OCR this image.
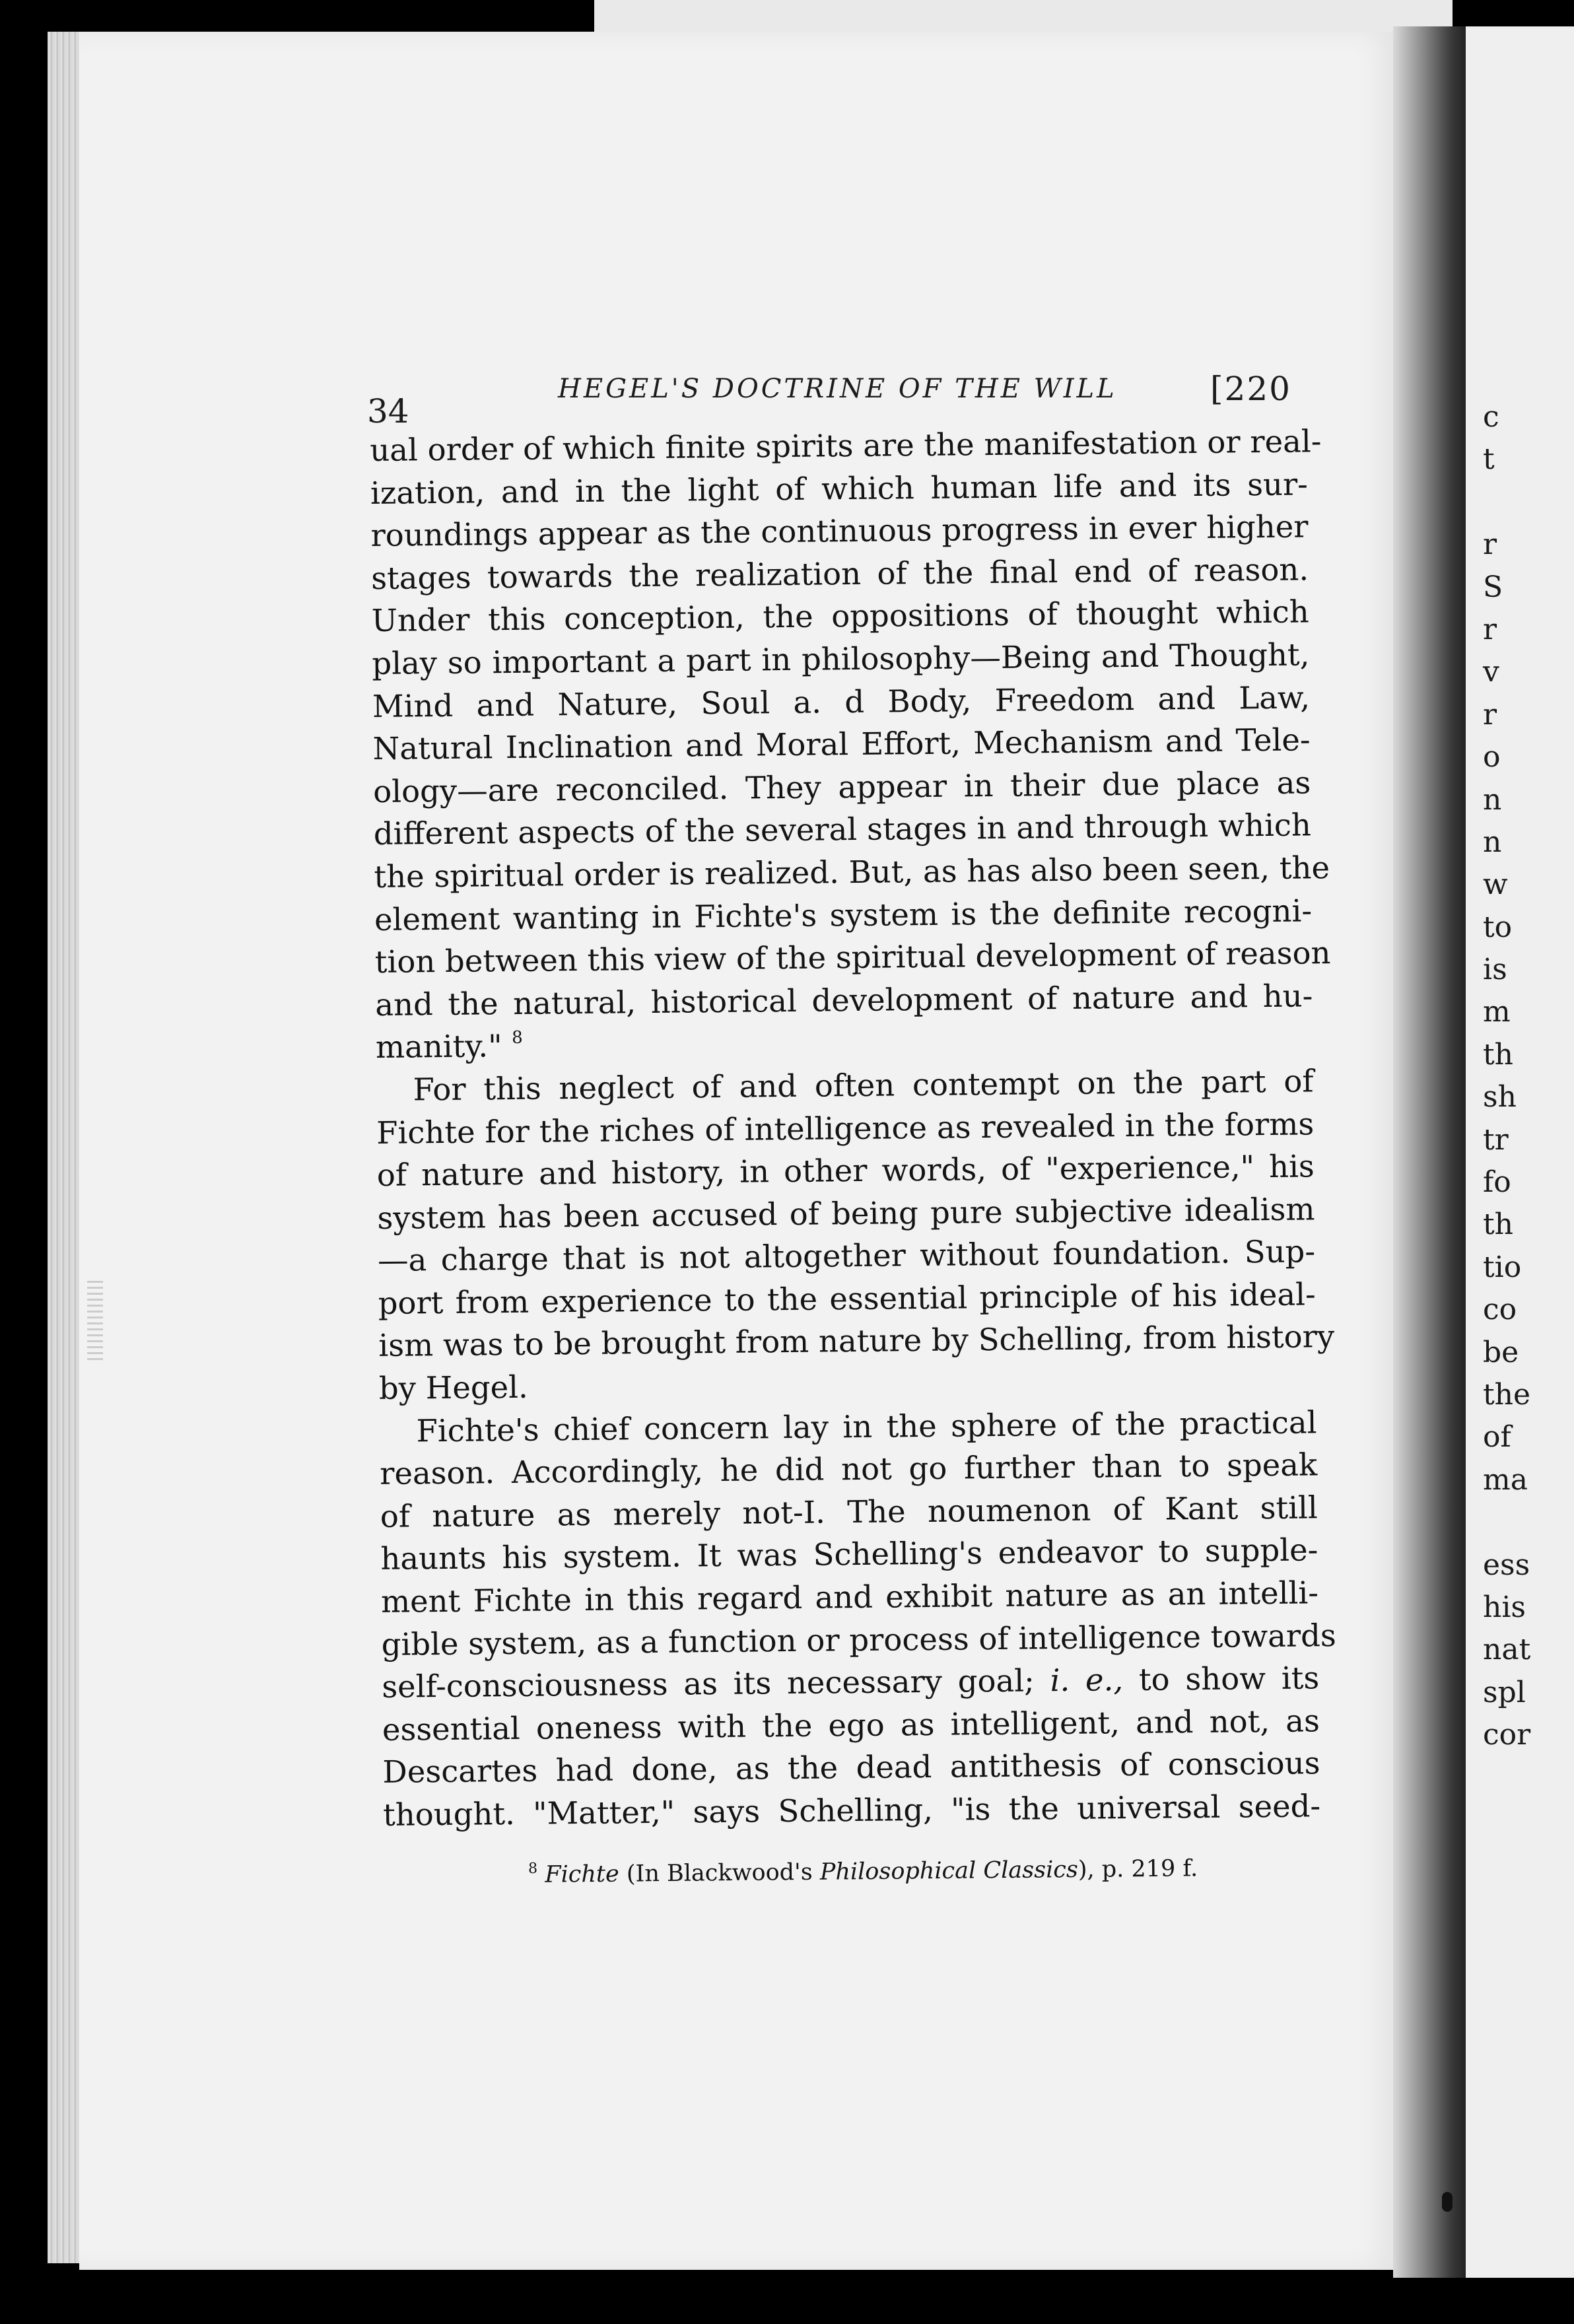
c
t
r
S
r
v
r
o
n
n
w
to
is
m
th
sh
tr
fo
th
tio
co
be
the
of
ma
ess
his
nat
spl
cor
34
HEGEL'S DOCTRINE OF THE WILL	[220
ual order of which finite spirits are the manifestation or real-
ization, and in the light of which human life and its sur-
roundings appear as the continuous progress in ever higher
stages towards the realization of the final end of reason.
Under this conception, the oppositions of thought which
play so important a part in philosophy—Being and Thought,
Mind and Nature, Soul a. d Body, Freedom and Law,
Natural Inclination and Moral Effort, Mechanism and Tele-
ology—are reconciled. They appear in their due place as
different aspects of the several stages in and through which
the spiritual order is realized. But, as has also been seen, the
element wanting in Fichte's system is the definite recogni-
tion between this view of the spiritual development of reason
and the natural, historical development of nature and hu-
manity." $^8$
For this neglect of and often contempt on the part of
Fichte for the riches of intelligence as revealed in the forms
of nature and history, in other words, of "experience," his
system has been accused of being pure subjective idealism
—a charge that is not altogether without foundation. Sup-
port from experience to the essential principle of his ideal-
ism was to be brought from nature by Schelling, from history
by Hegel.
Fichte's chief concern lay in the sphere of the practical
reason. Accordingly, he did not go further than to speak
of nature as merely not-I. The noumenon of Kant still
haunts his system. It was Schelling's endeavor to supple-
ment Fichte in this regard and exhibit nature as an intelli-
gible system, as a function or process of intelligence towards
self-consciousness as its necessary goal; i. e., to show its
essential oneness with the ego as intelligent, and not, as
Descartes had done, as the dead antithesis of conscious
thought. "Matter," says Schelling, "is the universal seed-
$^8$ Fichte (In Blackwood's Philosophical Classics), p. 219 f.
